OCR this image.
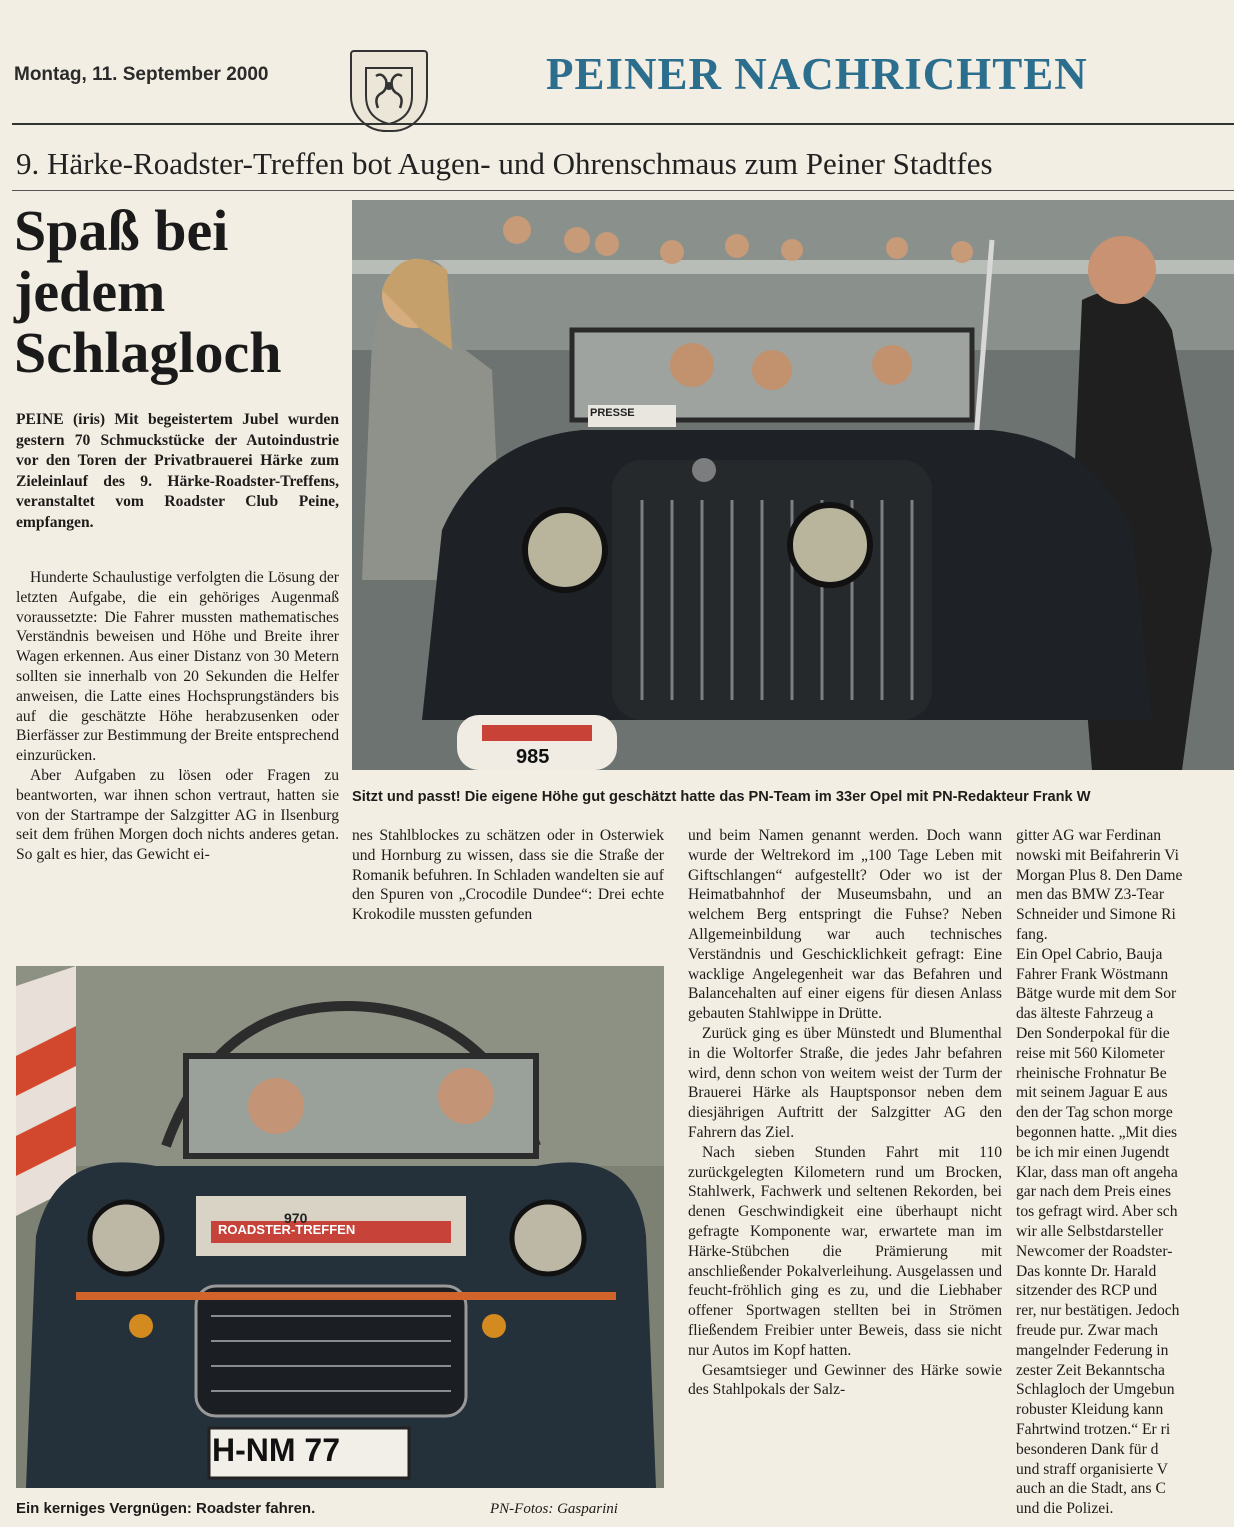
Montag, 11. September 2000	PEINER NACHRICHTEN
9. Härke-Roadster-Treffen bot Augen- und Ohrenschmaus zum Peiner Stadtfes
Spaß bei
jedem
Schlagloch
PEINE (iris) Mit begeistertem Jubel wurden gestern 70 Schmuckstücke der Autoindustrie vor den Toren der Privatbrauerei Härke zum Zieleinlauf des 9. Härke-Roadster-Treffens, veranstaltet vom Roadster Club Peine, empfangen.

Hunderte Schaulustige verfolgten die Lösung der letzten Aufgabe, die ein gehöriges Augenmaß voraussetzte: Die Fahrer mussten mathematisches Verständnis beweisen und Höhe und Breite ihrer Wagen erkennen. Aus einer Distanz von 30 Metern sollten sie innerhalb von 20 Sekunden die Helfer anweisen, die Latte eines Hochsprungständers bis auf die geschätzte Höhe herabzusenken oder Bierfässer zur Bestimmung der Breite entsprechend einzurücken.

Aber Aufgaben zu lösen oder Fragen zu beantworten, war ihnen schon vertraut, hatten sie von der Startrampe der Salzgitter AG in Ilsenburg seit dem frühen Morgen doch nichts anderes getan. So galt es hier, das Gewicht ei-

PRESSE
985
Sitzt und passt! Die eigene Höhe gut geschätzt hatte das PN-Team im 33er Opel mit PN-Redakteur Frank W

nes Stahlblockes zu schätzen oder in Osterwiek und Hornburg zu wissen, dass sie die Straße der Romanik befuhren. In Schladen wandelten sie auf den Spuren von „Crocodile Dundee“: Drei echte Krokodile mussten gefunden

und beim Namen genannt werden. Doch wann wurde der Weltrekord im „100 Tage Leben mit Giftschlangen“ aufgestellt? Oder wo ist der Heimatbahnhof der Museumsbahn, und an welchem Berg entspringt die Fuhse? Neben Allgemeinbildung war auch technisches Verständnis und Geschicklichkeit gefragt: Eine wacklige Angelegenheit war das Befahren und Balancehalten auf einer eigens für diesen Anlass gebauten Stahlwippe in Drütte.

Zurück ging es über Münstedt und Blumenthal in die Woltorfer Straße, die jedes Jahr befahren wird, denn schon von weitem weist der Turm der Brauerei Härke als Hauptsponsor neben dem diesjährigen Auftritt der Salzgitter AG den Fahrern das Ziel.

Nach sieben Stunden Fahrt mit 110 zurückgelegten Kilometern rund um Brocken, Stahlwerk, Fachwerk und seltenen Rekorden, bei denen Geschwindigkeit eine überhaupt nicht gefragte Komponente war, erwartete man im Härke-Stübchen die Prämierung mit anschließender Pokalverleihung. Ausgelassen und feucht-fröhlich ging es zu, und die Liebhaber offener Sportwagen stellten bei in Strömen fließendem Freibier unter Beweis, dass sie nicht nur Autos im Kopf hatten.

Gesamtsieger und Gewinner des Härke sowie des Stahlpokals der Salz-

gitter AG war Ferdinan

nowski mit Beifahrerin Vi

Morgan Plus 8. Den Dame

men das BMW Z3-Tear

Schneider und Simone Ri

fang.

Ein Opel Cabrio, Bauja

Fahrer Frank Wöstmann

Bätge wurde mit dem Sor

das älteste Fahrzeug a

Den Sonderpokal für die

reise mit 560 Kilometer

rheinische Frohnatur Be

mit seinem Jaguar E aus

den der Tag schon morge

begonnen hatte. „Mit dies

be ich mir einen Jugendt

Klar, dass man oft angeha

gar nach dem Preis eines

tos gefragt wird. Aber sch

wir alle Selbstdarsteller

Newcomer der Roadster-

Das konnte Dr. Harald

sitzender des RCP und

rer, nur bestätigen. Jedoch

freude pur. Zwar mach

mangelnder Federung in

zester Zeit Bekanntscha

Schlagloch der Umgebun

robuster Kleidung kann

Fahrtwind trotzen.“ Er ri

besonderen Dank für d

und straff organisierte V

auch an die Stadt, ans C

und die Polizei.

970
ROADSTER-TREFFEN
H-NM 77
Ein kerniges Vergnügen: Roadster fahren.	PN-Fotos: Gasparini
